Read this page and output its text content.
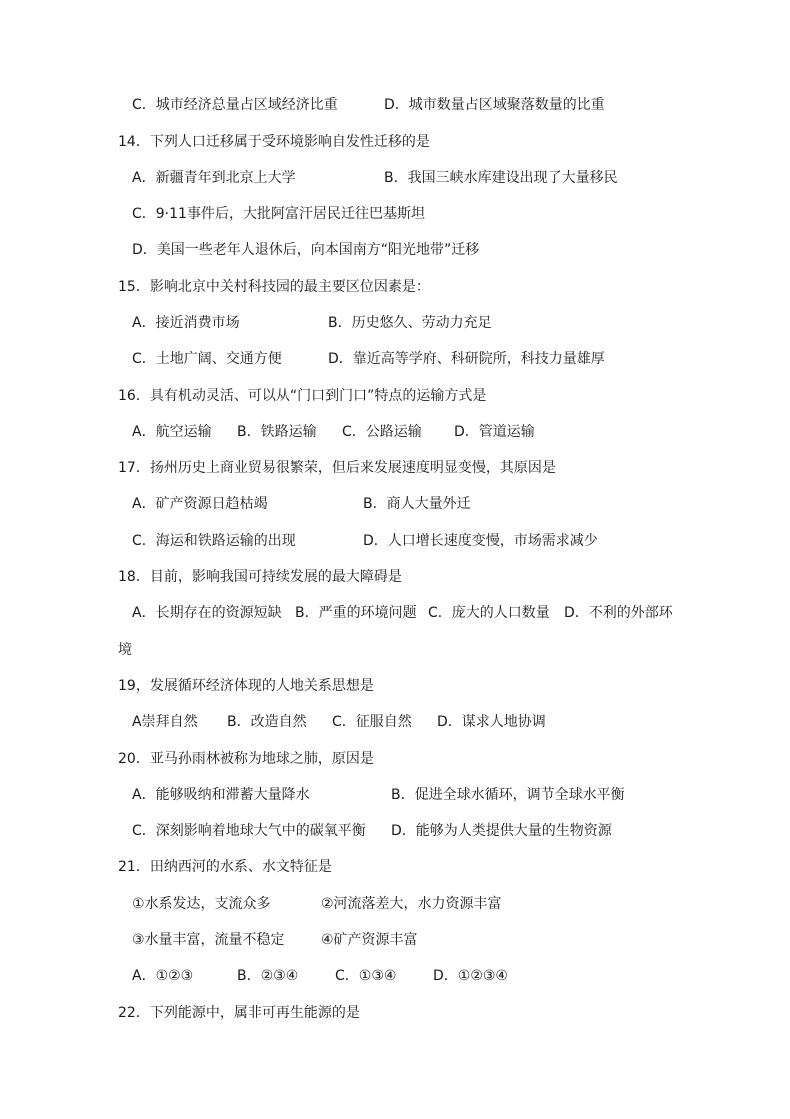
C．城市经济总量占区域经济比重	D．城市数量占区域聚落数量的比重
14．下列人口迁移属于受环境影响自发性迁移的是
A．新疆青年到北京上大学	B．我国三峡水库建设出现了大量移民
C．9·11事件后，大批阿富汗居民迁往巴基斯坦
D．美国一些老年人退休后，向本国南方“阳光地带”迁移
15．影响北京中关村科技园的最主要区位因素是：
A．接近消费市场	B．历史悠久、劳动力充足
C．土地广阔、交通方便	D．靠近高等学府、科研院所，科技力量雄厚
16．具有机动灵活、可以从“门口到门口”特点的运输方式是
A．航空运输 B．铁路运输 C．公路运输 D．管道运输
17．扬州历史上商业贸易很繁荣，但后来发展速度明显变慢，其原因是
A．矿产资源日趋枯竭	B．商人大量外迁
C．海运和铁路运输的出现	D．人口增长速度变慢，市场需求减少
18．目前，影响我国可持续发展的最大障碍是
A．长期存在的资源短缺 B．严重的环境问题 C．庞大的人口数量 D．不利的外部环
境
19，发展循环经济体现的人地关系思想是
A崇拜自然 B．改造自然 C．征服自然 D．谋求人地协调
20．亚马孙雨林被称为地球之肺，原因是
A．能够吸纳和滞蓄大量降水	B．促进全球水循环，调节全球水平衡
C．深刻影响着地球大气中的碳氧平衡 D．能够为人类提供大量的生物资源
21．田纳西河的水系、水文特征是
①水系发达，支流众多	②河流落差大，水力资源丰富
③水量丰富，流量不稳定	④矿产资源丰富
A．①②③	B．②③④	C．①③④	D．①②③④
22．下列能源中，属非可再生能源的是
